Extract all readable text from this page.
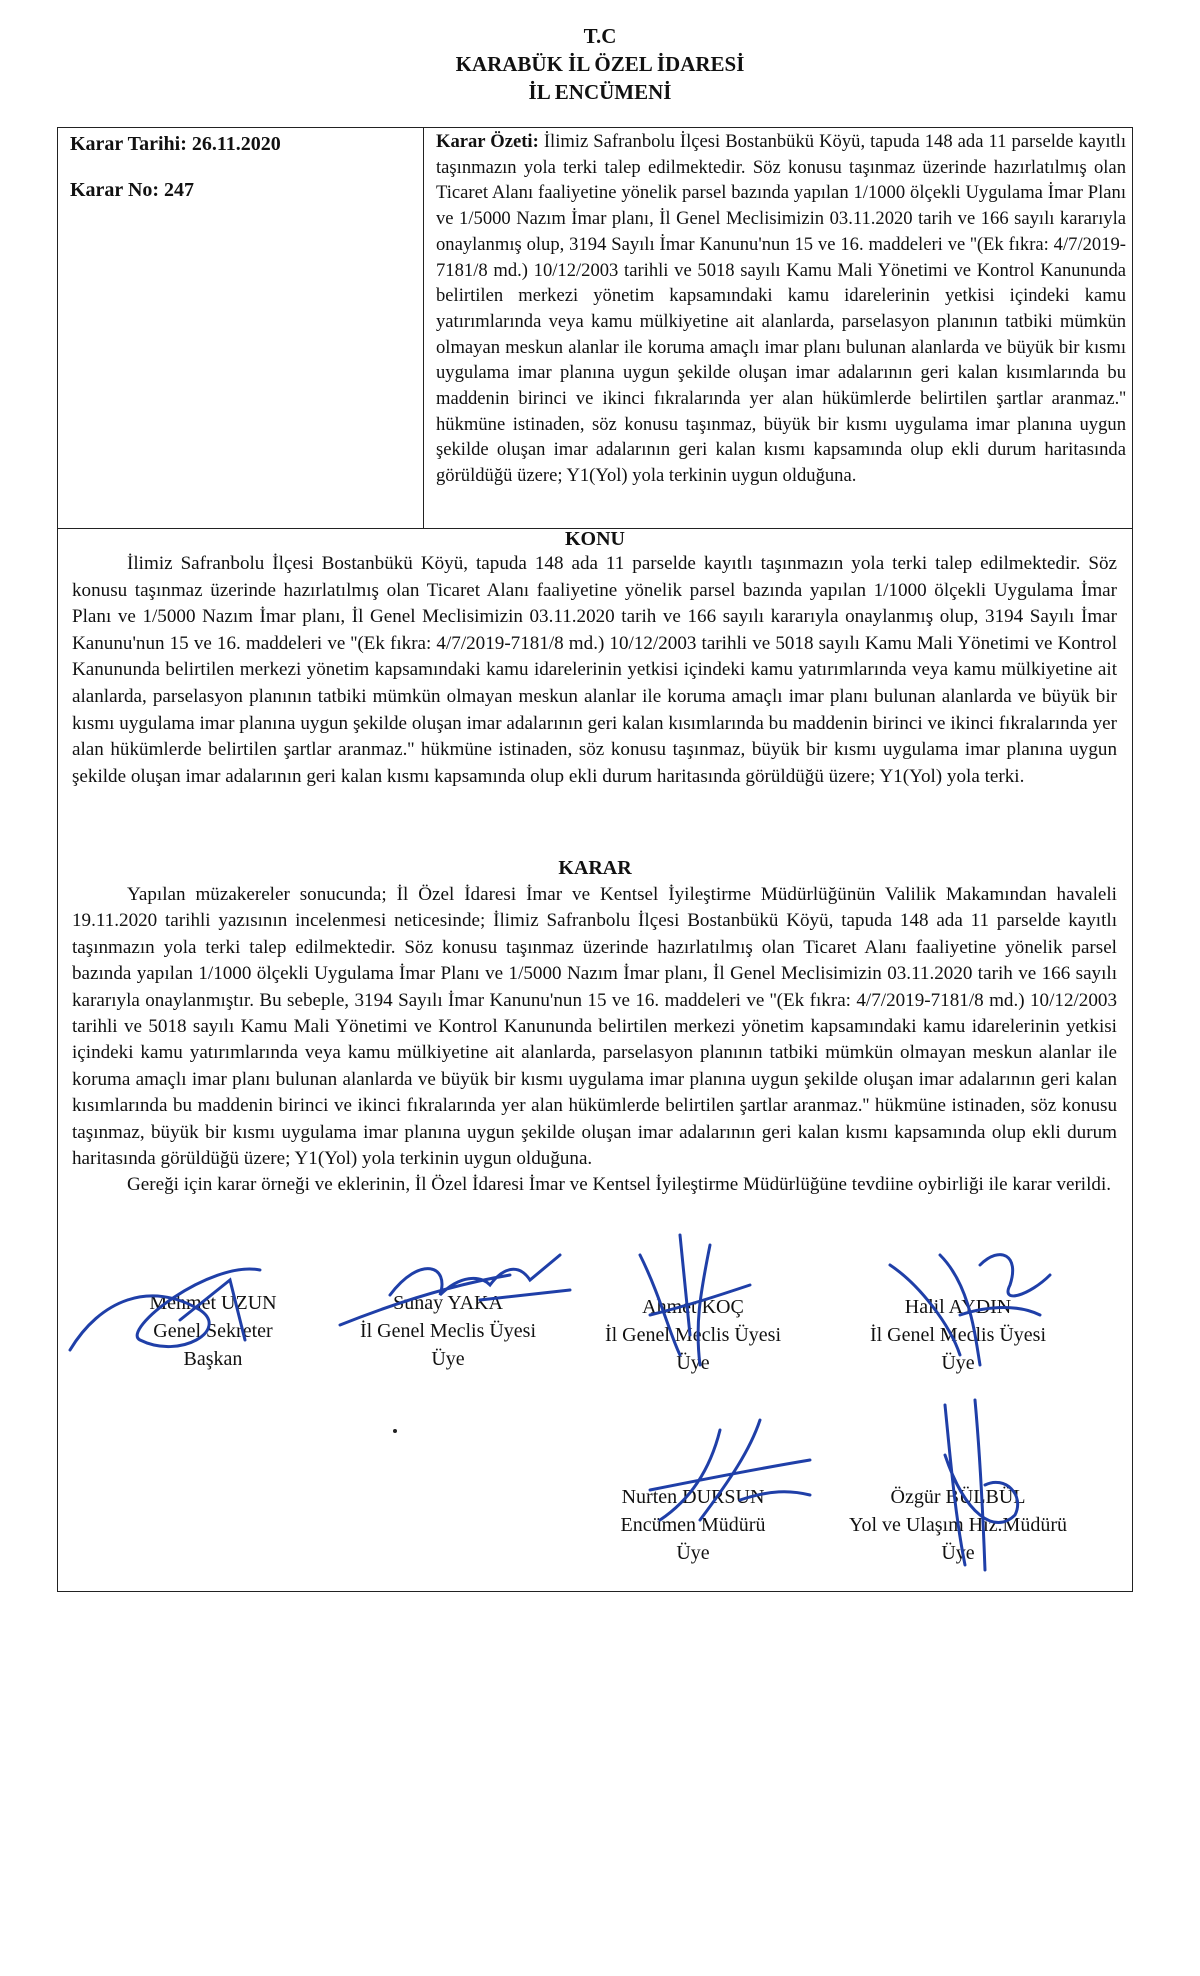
T.C
KARABÜK İL ÖZEL İDARESİ
İL ENCÜMENİ
Karar Tarihi: 26.11.2020
Karar No: 247

Karar Özeti: İlimiz Safranbolu İlçesi Bostanbükü Köyü, tapuda 148 ada 11 parselde kayıtlı taşınmazın yola terki talep edilmektedir. Söz konusu taşınmaz üzerinde hazırlatılmış olan Ticaret Alanı faaliyetine yönelik parsel bazında yapılan 1/1000 ölçekli Uygulama İmar Planı ve 1/5000 Nazım İmar planı, İl Genel Meclisimizin 03.11.2020 tarih ve 166 sayılı kararıyla onaylanmış olup, 3194 Sayılı İmar Kanunu'nun 15 ve 16. maddeleri ve ''(Ek fıkra: 4/7/2019-7181/8 md.) 10/12/2003 tarihli ve 5018 sayılı Kamu Mali Yönetimi ve Kontrol Kanununda belirtilen merkezi yönetim kapsamındaki kamu idarelerinin yetkisi içindeki kamu yatırımlarında veya kamu mülkiyetine ait alanlarda, parselasyon planının tatbiki mümkün olmayan meskun alanlar ile koruma amaçlı imar planı bulunan alanlarda ve büyük bir kısmı uygulama imar planına uygun şekilde oluşan imar adalarının geri kalan kısımlarında bu maddenin birinci ve ikinci fıkralarında yer alan hükümlerde belirtilen şartlar aranmaz.'' hükmüne istinaden, söz konusu taşınmaz, büyük bir kısmı uygulama imar planına uygun şekilde oluşan imar adalarının geri kalan kısmı kapsamında olup ekli durum haritasında görüldüğü üzere; Y1(Yol) yola terkinin uygun olduğuna.

KONU

İlimiz Safranbolu İlçesi Bostanbükü Köyü, tapuda 148 ada 11 parselde kayıtlı taşınmazın yola terki talep edilmektedir. Söz konusu taşınmaz üzerinde hazırlatılmış olan Ticaret Alanı faaliyetine yönelik parsel bazında yapılan 1/1000 ölçekli Uygulama İmar Planı ve 1/5000 Nazım İmar planı, İl Genel Meclisimizin 03.11.2020 tarih ve 166 sayılı kararıyla onaylanmış olup, 3194 Sayılı İmar Kanunu'nun 15 ve 16. maddeleri ve ''(Ek fıkra: 4/7/2019-7181/8 md.) 10/12/2003 tarihli ve 5018 sayılı Kamu Mali Yönetimi ve Kontrol Kanununda belirtilen merkezi yönetim kapsamındaki kamu idarelerinin yetkisi içindeki kamu yatırımlarında veya kamu mülkiyetine ait alanlarda, parselasyon planının tatbiki mümkün olmayan meskun alanlar ile koruma amaçlı imar planı bulunan alanlarda ve büyük bir kısmı uygulama imar planına uygun şekilde oluşan imar adalarının geri kalan kısımlarında bu maddenin birinci ve ikinci fıkralarında yer alan hükümlerde belirtilen şartlar aranmaz.'' hükmüne istinaden, söz konusu taşınmaz, büyük bir kısmı uygulama imar planına uygun şekilde oluşan imar adalarının geri kalan kısmı kapsamında olup ekli durum haritasında görüldüğü üzere; Y1(Yol) yola terki.

KARAR

Yapılan müzakereler sonucunda; İl Özel İdaresi İmar ve Kentsel İyileştirme Müdürlüğünün Valilik Makamından havaleli 19.11.2020 tarihli yazısının incelenmesi neticesinde; İlimiz Safranbolu İlçesi Bostanbükü Köyü, tapuda 148 ada 11 parselde kayıtlı taşınmazın yola terki talep edilmektedir. Söz konusu taşınmaz üzerinde hazırlatılmış olan Ticaret Alanı faaliyetine yönelik parsel bazında yapılan 1/1000 ölçekli Uygulama İmar Planı ve 1/5000 Nazım İmar planı, İl Genel Meclisimizin 03.11.2020 tarih ve 166 sayılı kararıyla onaylanmıştır. Bu sebeple, 3194 Sayılı İmar Kanunu'nun 15 ve 16. maddeleri ve ''(Ek fıkra: 4/7/2019-7181/8 md.) 10/12/2003 tarihli ve 5018 sayılı Kamu Mali Yönetimi ve Kontrol Kanununda belirtilen merkezi yönetim kapsamındaki kamu idarelerinin yetkisi içindeki kamu yatırımlarında veya kamu mülkiyetine ait alanlarda, parselasyon planının tatbiki mümkün olmayan meskun alanlar ile koruma amaçlı imar planı bulunan alanlarda ve büyük bir kısmı uygulama imar planına uygun şekilde oluşan imar adalarının geri kalan kısımlarında bu maddenin birinci ve ikinci fıkralarında yer alan hükümlerde belirtilen şartlar aranmaz.'' hükmüne istinaden, söz konusu taşınmaz, büyük bir kısmı uygulama imar planına uygun şekilde oluşan imar adalarının geri kalan kısmı kapsamında olup ekli durum haritasında görüldüğü üzere; Y1(Yol) yola terkinin uygun olduğuna.

Gereği için karar örneği ve eklerinin, İl Özel İdaresi İmar ve Kentsel İyileştirme Müdürlüğüne tevdiine oybirliği ile karar verildi.

Mehmet UZUN
Genel Sekreter
Başkan
Sunay YAKA
İl Genel Meclis Üyesi
Üye
Ahmet KOÇ
İl Genel Meclis Üyesi
Üye
Halil AYDIN
İl Genel Meclis Üyesi
Üye
Nurten DURSUN
Encümen Müdürü
Üye
Özgür BÜLBÜL
Yol ve Ulaşım Hiz.Müdürü
Üye
